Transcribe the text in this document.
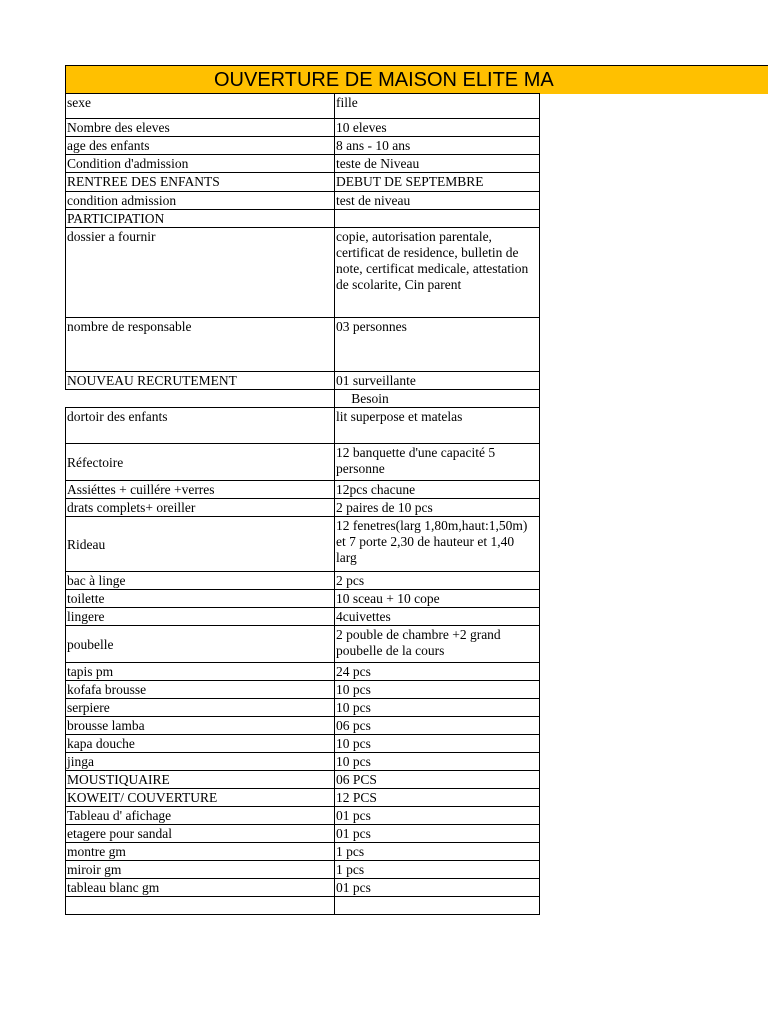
OUVERTURE DE MAISON ELITE MA
sexe	fille
Nombre des eleves	10 eleves
age des enfants	8 ans - 10 ans
Condition d'admission	teste de Niveau
RENTREE DES ENFANTS	DEBUT DE SEPTEMBRE
condition admission	test de niveau
PARTICIPATION	
dossier a fournir	copie, autorisation parentale, certificat de residence, bulletin de note, certificat medicale, attestation de scolarite, Cin parent
nombre de responsable	03 personnes
NOUVEAU RECRUTEMENT	01 surveillante

	Besoin

dortoir des enfants	lit superpose et matelas
Réfectoire	12 banquette d'une capacité 5 personne
Assiéttes + cuillére +verres	12pcs chacune
drats complets+ oreiller	2 paires de 10 pcs
Rideau	12 fenetres(larg 1,80m,haut:1,50m) et 7 porte 2,30 de hauteur et 1,40 larg
bac à linge	2 pcs
toilette	10 sceau + 10 cope
lingere	4cuivettes
poubelle	2 pouble de chambre +2 grand poubelle de la cours
tapis pm	24 pcs
kofafa brousse	10 pcs
serpiere	10 pcs
brousse lamba	06 pcs
kapa douche	10 pcs
jinga	10 pcs
MOUSTIQUAIRE	06 PCS
KOWEIT/ COUVERTURE	12 PCS
Tableau d' afichage	01 pcs
etagere pour sandal	01 pcs
montre gm	1 pcs
miroir gm	1 pcs
tableau blanc gm	01 pcs
